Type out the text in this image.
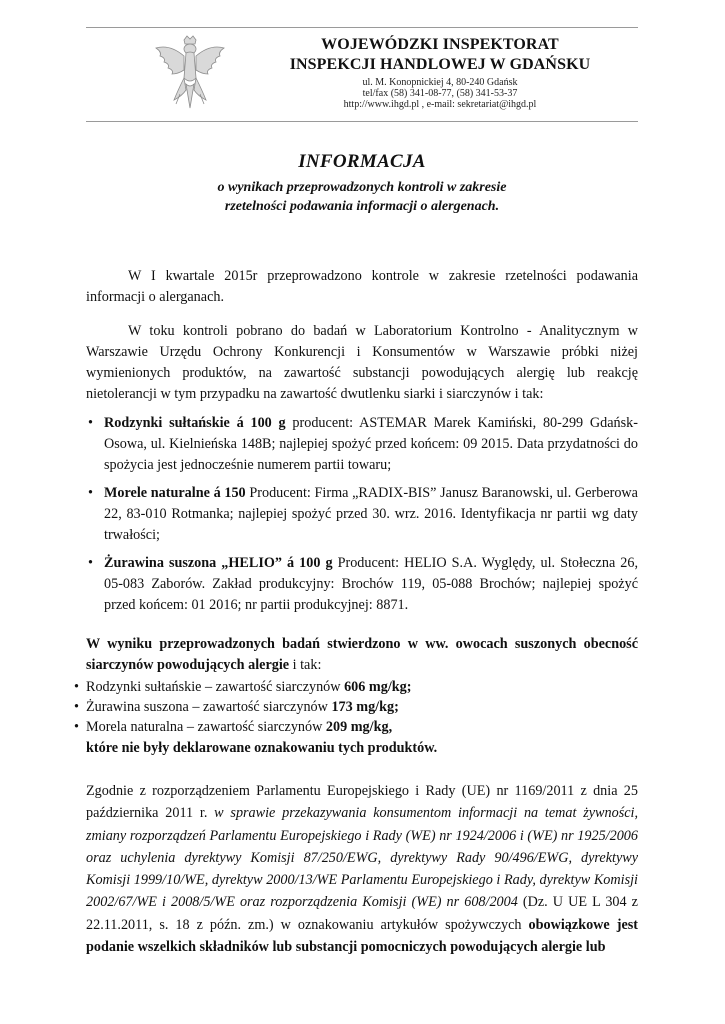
WOJEWÓDZKI INSPEKTORAT
INSPEKCJI HANDLOWEJ W GDAŃSKU
ul. M. Konopnickiej 4, 80-240 Gdańsk
tel/fax (58) 341-08-77, (58) 341-53-37
http://www.ihgd.pl , e-mail: sekretariat@ihgd.pl
INFORMACJA
o wynikach przeprowadzonych kontroli w zakresie
rzetelności podawania informacji o alergenach.
W I kwartale 2015r przeprowadzono kontrole w zakresie rzetelności podawania informacji o alerganach.
W toku kontroli pobrano do badań w Laboratorium Kontrolno - Analitycznym w Warszawie Urzędu Ochrony Konkurencji i Konsumentów w Warszawie próbki niżej wymienionych produktów, na zawartość substancji powodujących alergię lub reakcję nietolerancji w tym przypadku na zawartość dwutlenku siarki i siarczynów i tak:
• Rodzynki sułtańskie á 100 g producent: ASTEMAR Marek Kamiński, 80-299 Gdańsk-Osowa, ul. Kielnieńska 148B; najlepiej spożyć przed końcem: 09 2015. Data przydatności do spożycia jest jednocześnie numerem partii towaru;
• Morele naturalne á 150 Producent: Firma „RADIX-BIS” Janusz Baranowski, ul. Gerberowa 22, 83-010 Rotmanka; najlepiej spożyć przed 30. wrz. 2016. Identyfikacja nr partii wg daty trwałości;
• Żurawina suszona „HELIO” á 100 g Producent: HELIO S.A. Wyględy, ul. Stołeczna 26, 05-083 Zaborów. Zakład produkcyjny: Brochów 119, 05-088 Brochów; najlepiej spożyć przed końcem: 01 2016; nr partii produkcyjnej: 8871.
W wyniku przeprowadzonych badań stwierdzono w ww. owocach suszonych obecność siarczynów powodujących alergie i tak:
• Rodzynki sułtańskie – zawartość siarczynów 606 mg/kg;
• Żurawina suszona – zawartość siarczynów 173 mg/kg;
• Morela naturalna – zawartość siarczynów 209 mg/kg,
które nie były deklarowane oznakowaniu tych produktów.
Zgodnie z rozporządzeniem Parlamentu Europejskiego i Rady (UE) nr 1169/2011 z dnia 25 października 2011 r. w sprawie przekazywania konsumentom informacji na temat żywności, zmiany rozporządzeń Parlamentu Europejskiego i Rady (WE) nr 1924/2006 i (WE) nr 1925/2006 oraz uchylenia dyrektywy Komisji 87/250/EWG, dyrektywy Rady 90/496/EWG, dyrektywy Komisji 1999/10/WE, dyrektyw 2000/13/WE Parlamentu Europejskiego i Rady, dyrektyw Komisji 2002/67/WE i 2008/5/WE oraz rozporządzenia Komisji (WE) nr 608/2004 (Dz. U UE L 304 z 22.11.2011, s. 18 z późn. zm.) w oznakowaniu artykułów spożywczych obowiązkowe jest podanie wszelkich składników lub substancji pomocniczych powodujących alergie lub
